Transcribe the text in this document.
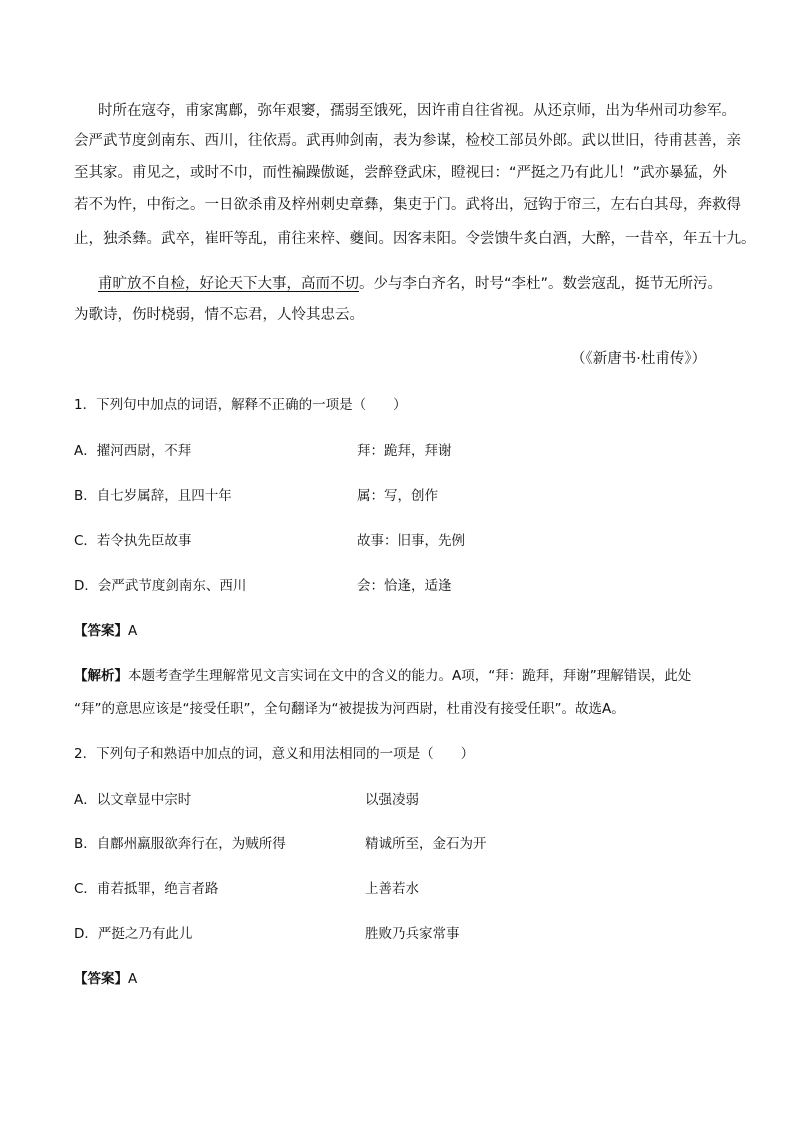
时所在寇夺，甫家寓鄜，弥年艰窭，孺弱至饿死，因许甫自往省视。从还京师，出为华州司功参军。
会严武节度剑南东、西川，往依焉。武再帅剑南，表为参谋，检校工部员外郎。武以世旧，待甫甚善，亲
至其家。甫见之，或时不巾，而性褊躁傲诞，尝醉登武床，瞪视曰：“严挺之乃有此儿！”武亦暴猛，外
若不为忤，中衔之。一日欲杀甫及梓州刺史章彝，集吏于门。武将出，冠钩于帘三，左右白其母，奔救得
止，独杀彝。武卒，崔旰等乱，甫往来梓、夔间。因客耒阳。令尝馈牛炙白酒，大醉，一昔卒，年五十九。
甫旷放不自检，好论天下大事，高而不切。少与李白齐名，时号“李杜”。数尝寇乱，挺节无所污。
为歌诗，伤时桡弱，情不忘君，人怜其忠云。
（《新唐书·杜甫传》）
1．下列句中加点的词语，解释不正确的一项是（　　）
A．擢河西尉，不拜	拜：跪拜，拜谢
B．自七岁属辞，且四十年	属：写，创作
C．若令执先臣故事	故事：旧事，先例
D．会严武节度剑南东、西川	会：恰逢，适逢
【答案】A
【解析】本题考查学生理解常见文言实词在文中的含义的能力。A项，“拜：跪拜，拜谢”理解错误，此处
“拜”的意思应该是“接受任职”，全句翻译为“被提拔为河西尉，杜甫没有接受任职”。故选A。
2．下列句子和熟语中加点的词，意义和用法相同的一项是（　　）
A．以文章显中宗时	以强凌弱
B．自鄜州羸服欲奔行在，为贼所得	精诚所至，金石为开
C．甫若抵罪，绝言者路	上善若水
D．严挺之乃有此儿	胜败乃兵家常事
【答案】A
